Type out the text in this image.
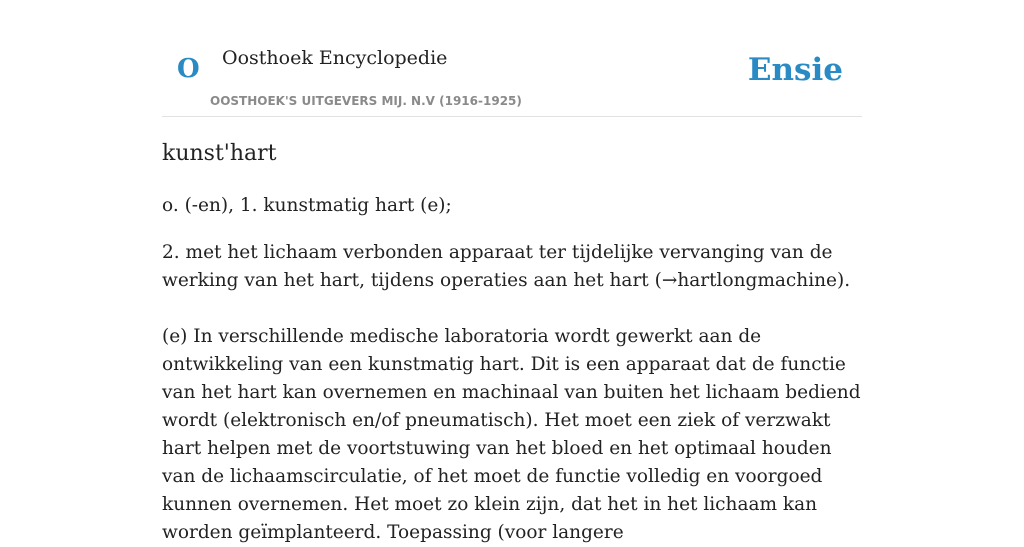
O Oosthoek Encyclopedie
OOSTHOEK'S UITGEVERS MIJ. N.V (1916-1925)
Ensie
kunst'hart

o. (-en), 1. kunstmatig hart (e);

2. met het lichaam verbonden apparaat ter tijdelijke vervanging van de werking van het hart, tijdens operaties aan het hart (→hartlongmachine).

(e) In verschillende medische laboratoria wordt gewerkt aan de ontwikkeling van een kunstmatig hart. Dit is een apparaat dat de functie van het hart kan overnemen en machinaal van buiten het lichaam bediend wordt (elektronisch en/of pneumatisch). Het moet een ziek of verzwakt hart helpen met de voortstuwing van het bloed en het optimaal houden van de lichaamscirculatie, of het moet de functie volledig en voorgoed kunnen overnemen. Het moet zo klein zijn, dat het in het lichaam kan worden geïmplanteerd. Toepassing (voor langere
